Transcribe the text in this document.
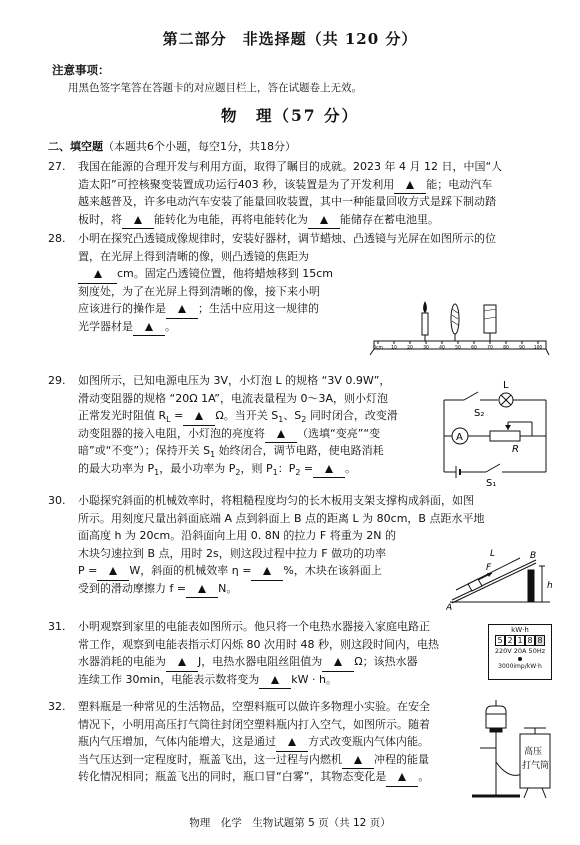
第二部分　非选择题（共 120 分）
注意事项：
用黑色签字笔答在答题卡的对应题目栏上，答在试题卷上无效。
物　理（57 分）
二、填空题（本题共6个小题，每空1分，共18分）
27. 我国在能源的合理开发与利用方面，取得了瞩目的成就。2023 年 4 月 12 日，中国“人
造太阳”可控核聚变装置成功运行403 秒，该装置是为了开发利用	能；电动汽车
越来越普及，许多电动汽车安装了能量回收装置，其中一种能量回收方式是踩下制动踏
板时，将	能转化为电能，再将电能转化为	能储存在蓄电池里。
28. 小明在探究凸透镜成像规律时，安装好器材，调节蜡烛、凸透镜与光屏在如图所示的位
置，在光屏上得到清晰的像，则凸透镜的焦距为
cm。固定凸透镜位置，他将蜡烛移到 15cm
刻度处，为了在光屏上得到清晰的像，接下来小明
应该进行的操作是	；生活中应用这一规律的
光学器材是	。
0cm 10 20 30 40 50 60 70 80 90 100
29. 如图所示，已知电源电压为 3V，小灯泡 L 的规格 “3V 0.9W”，
滑动变阻器的规格 “20Ω 1A”，电流表量程为 0～3A，则小灯泡
正常发光时阻值 $R_L$ =	Ω。当开关 $S_1$、$S_2$ 同时闭合，改变滑
动变阻器的接入电阻，小灯泡的亮度将	（选填“变亮”“变
暗”或“不变”）；保持开关 $S_1$ 始终闭合，调节电路，使电路消耗
的最大功率为 $P_1$，最小功率为 $P_2$，则 $P_1$：$P_2$ =	。
S₂
L
A
R
S₁
30. 小聪探究斜面的机械效率时，将粗糙程度均匀的长木板用支架支撑构成斜面，如图
所示。用刻度尺量出斜面底端 A 点到斜面上 B 点的距离 L 为 80cm，B 点距水平地
面高度 h 为 20cm。沿斜面向上用 0. 8N 的拉力 F 将重为 2N 的
木块匀速拉到 B 点，用时 2s，则这段过程中拉力 F 做功的功率
P =	W，斜面的机械效率 η =	%，木块在该斜面上
受到的滑动摩擦力 f =	N。
F
A
B
L
h
31. 小明观察到家里的电能表如图所示。他只将一个电热水器接入家庭电路正
常工作，观察到电能表指示灯闪烁 80 次用时 48 秒，则这段时间内，电热
水器消耗的电能为	J，电热水器电阻丝阻值为	Ω；该热水器
连续工作 30min，电能表示数将变为	kW · h。
kW·h
5 2 1 8 8
220V 20A 50Hz
3000imp/kW·h
32. 塑料瓶是一种常见的生活物品，空塑料瓶可以做许多物理小实验。在安全
情况下，小明用高压打气筒往封闭空塑料瓶内打入空气，如图所示。随着
瓶内气压增加，气体内能增大，这是通过	方式改变瓶内气体内能。
当气压达到一定程度时，瓶盖飞出，这一过程与内燃机	冲程的能量
转化情况相同；瓶盖飞出的同时，瓶口冒“白雾”，其物态变化是	。
高压
打气筒
物理　化学　生物试题第 5 页（共 12 页）
